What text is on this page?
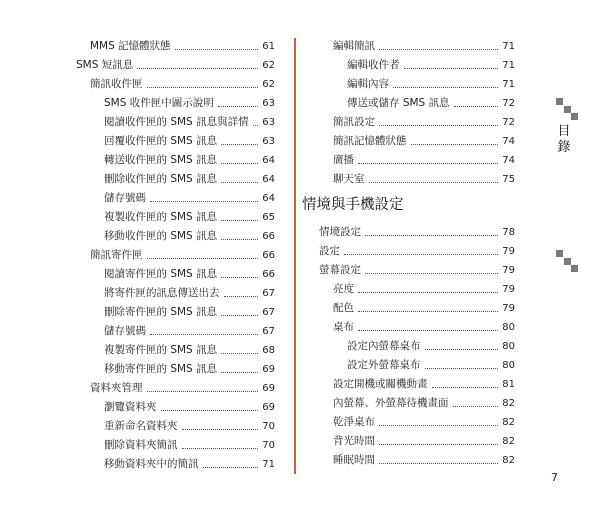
MMS 記憶體狀態	61
SMS 短訊息	62
簡訊收件匣	62
SMS 收件匣中圖示說明	63
閱讀收件匣的 SMS 訊息與詳情 63
回覆收件匣的 SMS 訊息	63
轉送收件匣的 SMS 訊息	64
刪除收件匣的 SMS 訊息	64
儲存號碼	64
複製收件匣的 SMS 訊息	65
移動收件匣的 SMS 訊息	66
簡訊寄件匣	66
閱讀寄件匣的 SMS 訊息	66
將寄件匣的訊息傳送出去	67
刪除寄件匣的 SMS 訊息	67
儲存號碼	67
複製寄件匣的 SMS 訊息	68
移動寄件匣的 SMS 訊息	69
資料夾管理	69
瀏覽資料夾	69
重新命名資料夾	70
刪除資料夾簡訊	70
移動資料夾中的簡訊	71
編輯簡訊	71
編輯收件者	71
編輯內容	71
傳送或儲存 SMS 訊息	72
簡訊設定	72
簡訊記憶體狀態	74
廣播	74
聊天室	75
情境與手機設定
情境設定	78
設定	79
螢幕設定	79
亮度	79
配色	79
桌布	80
設定內螢幕桌布	80
設定外螢幕桌布	80
設定開機或關機動畫	81
內螢幕、外螢幕待機畫面	82
乾淨桌布	82
背光時間	82
睡眠時間	82
目錄
7
